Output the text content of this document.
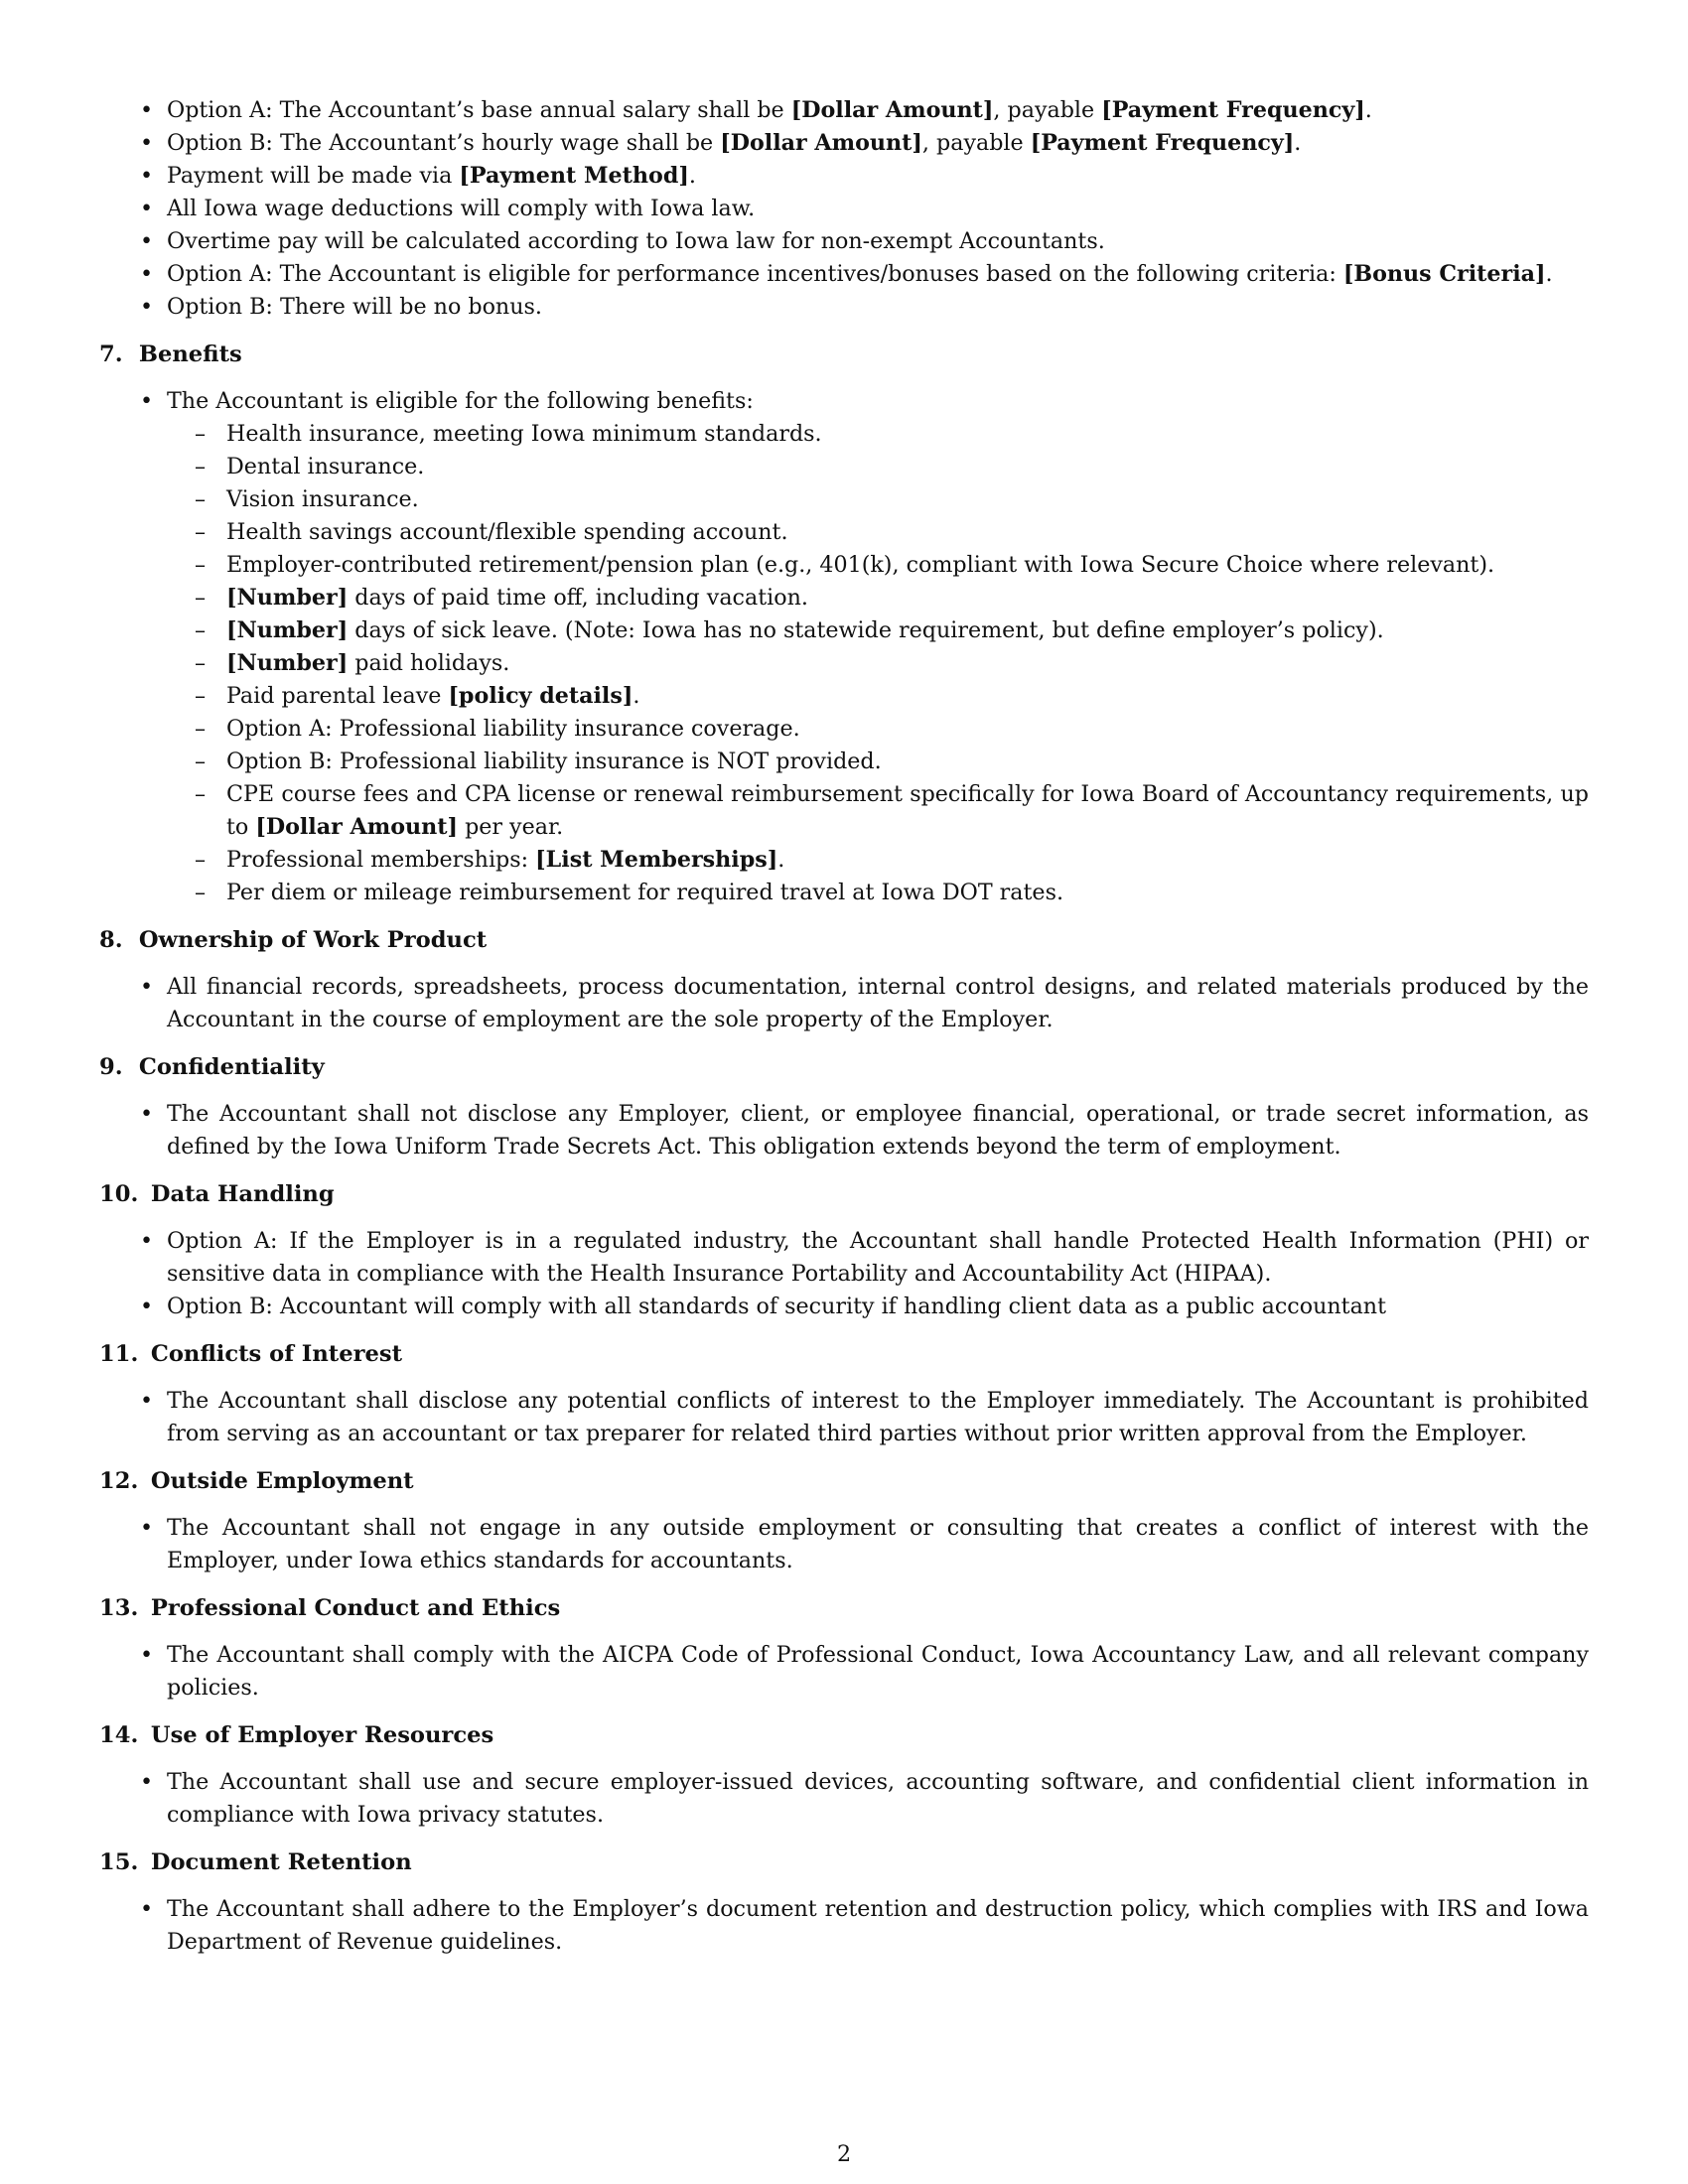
• Option A: The Accountant’s base annual salary shall be [Dollar Amount], payable [Payment Frequency].
• Option B: The Accountant’s hourly wage shall be [Dollar Amount], payable [Payment Frequency].
• Payment will be made via [Payment Method].
• All Iowa wage deductions will comply with Iowa law.
• Overtime pay will be calculated according to Iowa law for non-exempt Accountants.
• Option A: The Accountant is eligible for performance incentives/bonuses based on the following criteria: [Bonus Criteria].
• Option B: There will be no bonus.
7. Benefits
• The Accountant is eligible for the following benefits:
– Health insurance, meeting Iowa minimum standards.
– Dental insurance.
– Vision insurance.
– Health savings account/flexible spending account.
– Employer-contributed retirement/pension plan (e.g., 401(k), compliant with Iowa Secure Choice where relevant).
– [Number] days of paid time off, including vacation.
– [Number] days of sick leave. (Note: Iowa has no statewide requirement, but define employer’s policy).
– [Number] paid holidays.
– Paid parental leave [policy details].
– Option A: Professional liability insurance coverage.
– Option B: Professional liability insurance is NOT provided.
– CPE course fees and CPA license or renewal reimbursement specifically for Iowa Board of Accountancy requirements, up to [Dollar Amount] per year.
– Professional memberships: [List Memberships].
– Per diem or mileage reimbursement for required travel at Iowa DOT rates.
8. Ownership of Work Product
• All financial records, spreadsheets, process documentation, internal control designs, and related materials produced by the Accountant in the course of employment are the sole property of the Employer.
9. Confidentiality
• The Accountant shall not disclose any Employer, client, or employee financial, operational, or trade secret information, as defined by the Iowa Uniform Trade Secrets Act. This obligation extends beyond the term of employment.
10. Data Handling
• Option A: If the Employer is in a regulated industry, the Accountant shall handle Protected Health Information (PHI) or sensitive data in compliance with the Health Insurance Portability and Accountability Act (HIPAA).
• Option B: Accountant will comply with all standards of security if handling client data as a public accountant
11. Conflicts of Interest
• The Accountant shall disclose any potential conflicts of interest to the Employer immediately. The Accountant is prohibited from serving as an accountant or tax preparer for related third parties without prior written approval from the Employer.
12. Outside Employment
• The Accountant shall not engage in any outside employment or consulting that creates a conflict of interest with the Employer, under Iowa ethics standards for accountants.
13. Professional Conduct and Ethics
• The Accountant shall comply with the AICPA Code of Professional Conduct, Iowa Accountancy Law, and all relevant company policies.
14. Use of Employer Resources
• The Accountant shall use and secure employer-issued devices, accounting software, and confidential client information in compliance with Iowa privacy statutes.
15. Document Retention
• The Accountant shall adhere to the Employer’s document retention and destruction policy, which complies with IRS and Iowa Department of Revenue guidelines.
2
